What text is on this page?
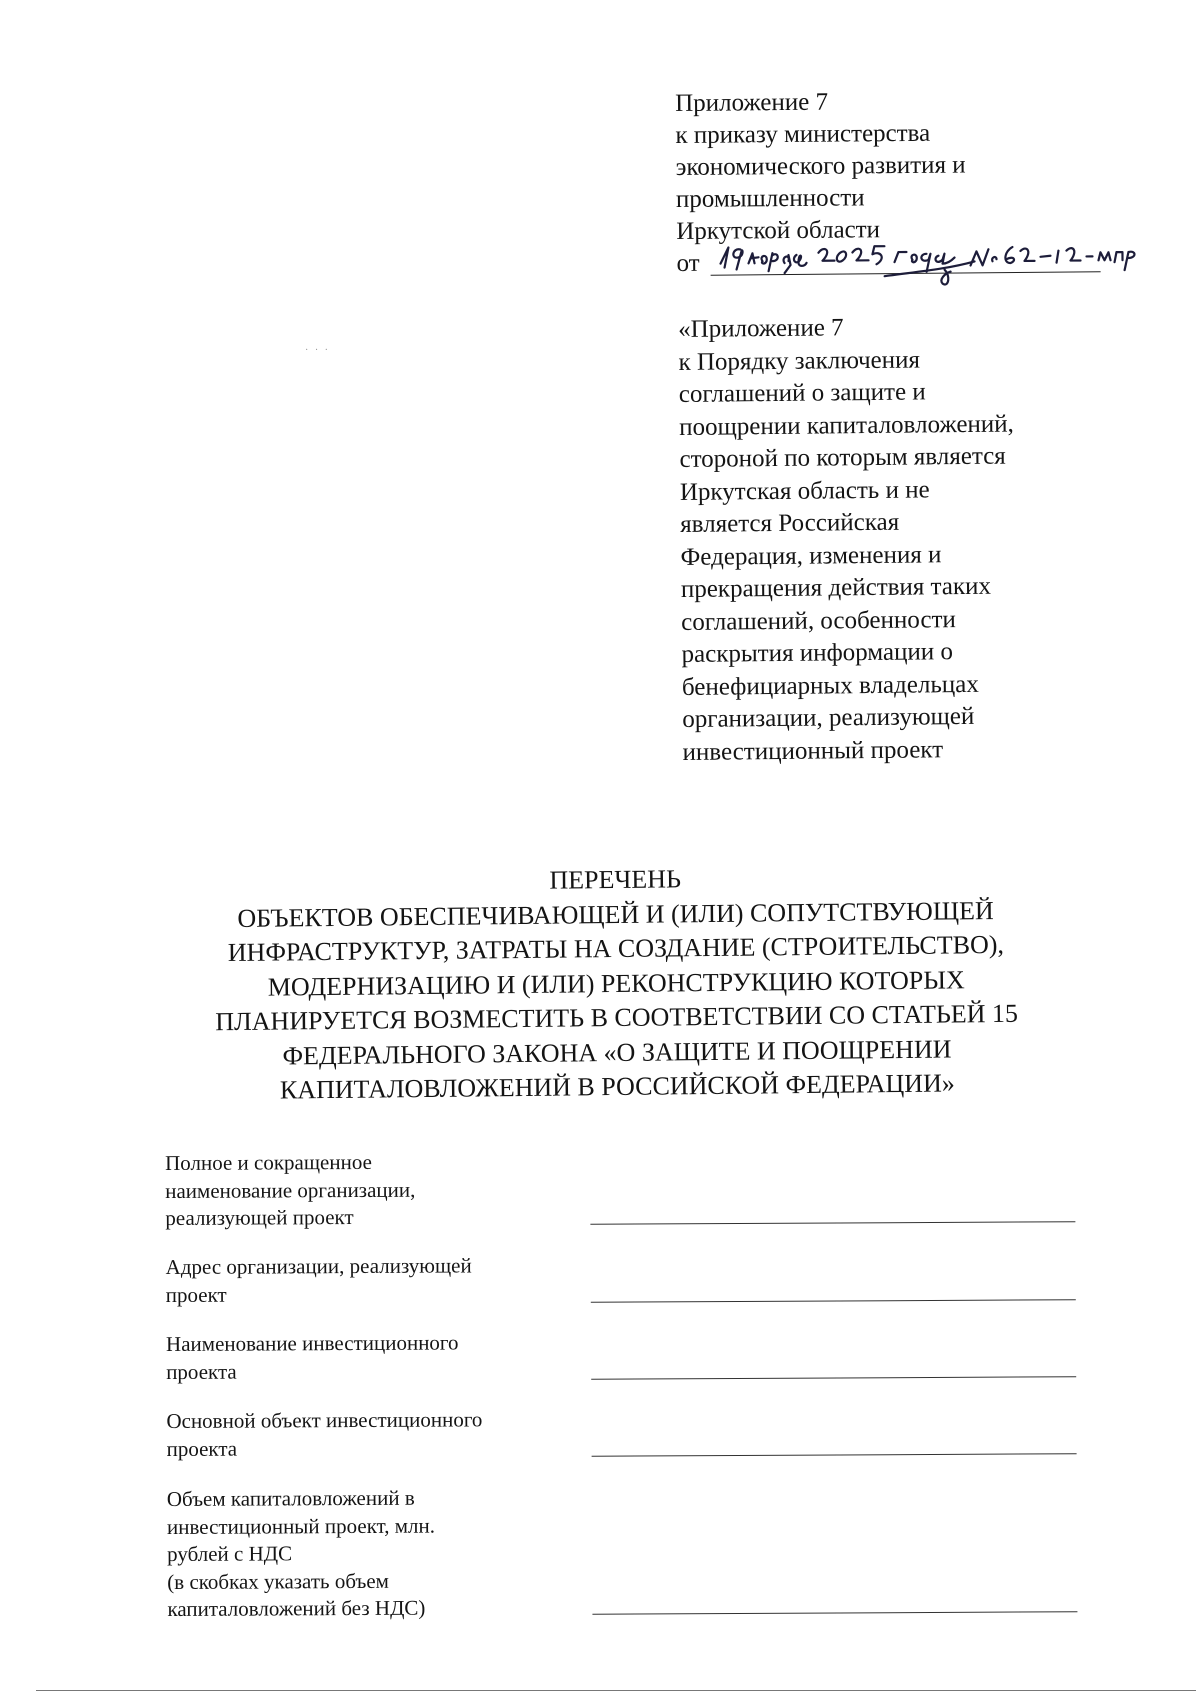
Приложение 7
к приказу министерства
экономического развития и
промышленности
Иркутской области
от
· · ·
«Приложение 7
к Порядку заключения
соглашений о защите и
поощрении капиталовложений,
стороной по которым является
Иркутская область и не
является Российская
Федерация, изменения и
прекращения действия таких
соглашений, особенности
раскрытия информации о
бенефициарных владельцах
организации, реализующей
инвестиционный проект
ПЕРЕЧЕНЬ
ОБЪЕКТОВ ОБЕСПЕЧИВАЮЩЕЙ И (ИЛИ) СОПУТСТВУЮЩЕЙ
ИНФРАСТРУКТУР, ЗАТРАТЫ НА СОЗДАНИЕ (СТРОИТЕЛЬСТВО),
МОДЕРНИЗАЦИЮ И (ИЛИ) РЕКОНСТРУКЦИЮ КОТОРЫХ
ПЛАНИРУЕТСЯ ВОЗМЕСТИТЬ В СООТВЕТСТВИИ СО СТАТЬЕЙ 15
ФЕДЕРАЛЬНОГО ЗАКОНА «О ЗАЩИТЕ И ПООЩРЕНИИ
КАПИТАЛОВЛОЖЕНИЙ В РОССИЙСКОЙ ФЕДЕРАЦИИ»
Полное и сокращенное
наименование организации,
реализующей проект
Адрес организации, реализующей
проект
Наименование инвестиционного
проекта
Основной объект инвестиционного
проекта
Объем капиталовложений в
инвестиционный проект, млн.
рублей с НДС
(в скобках указать объем
капиталовложений без НДС)
